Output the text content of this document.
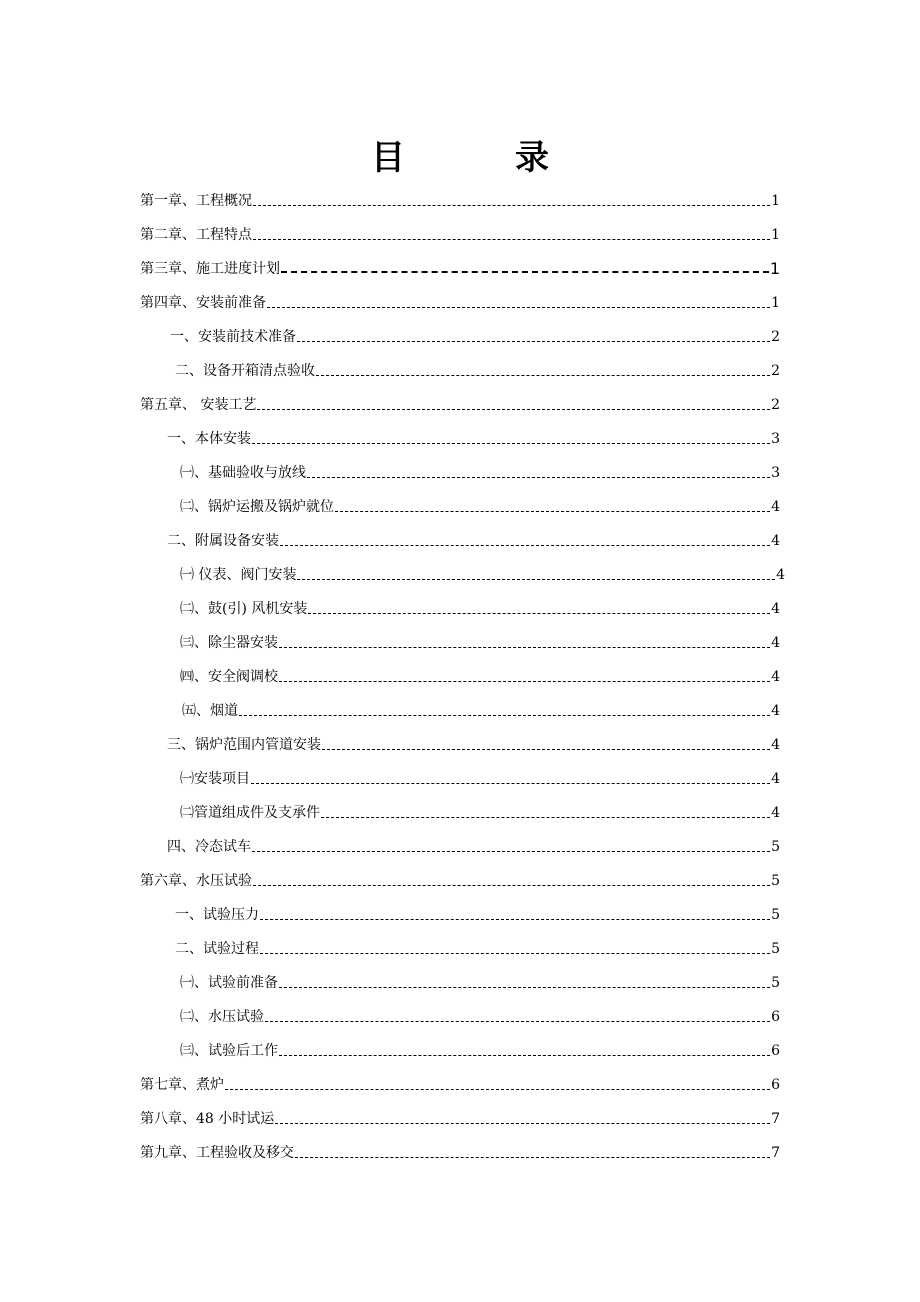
目	录
第一章、工程概况	1
第二章、工程特点	1
第三章、施工进度计划	1
第四章、安装前准备	1
一、安装前技术准备	2
二、设备开箱清点验收	2
第五章、 安装工艺	2
一、本体安装	3
㈠、基础验收与放线	3
㈡、锅炉运搬及锅炉就位	4
二、附属设备安装	4
㈠ 仪表、阀门安装	4
㈡、鼓(引) 风机安装	4
㈢、除尘器安装	4
㈣、安全阀调校	4
㈤、烟道	4
三、锅炉范围内管道安装	4
㈠安装项目	4
㈡管道组成件及支承件	4
四、冷态试车	5
第六章、水压试验	5
一、试验压力	5
二、试验过程	5
㈠、试验前准备	5
㈡、水压试验	6
㈢、试验后工作	6
第七章、煮炉	6
第八章、48 小时试运	7
第九章、工程验收及移交	7
